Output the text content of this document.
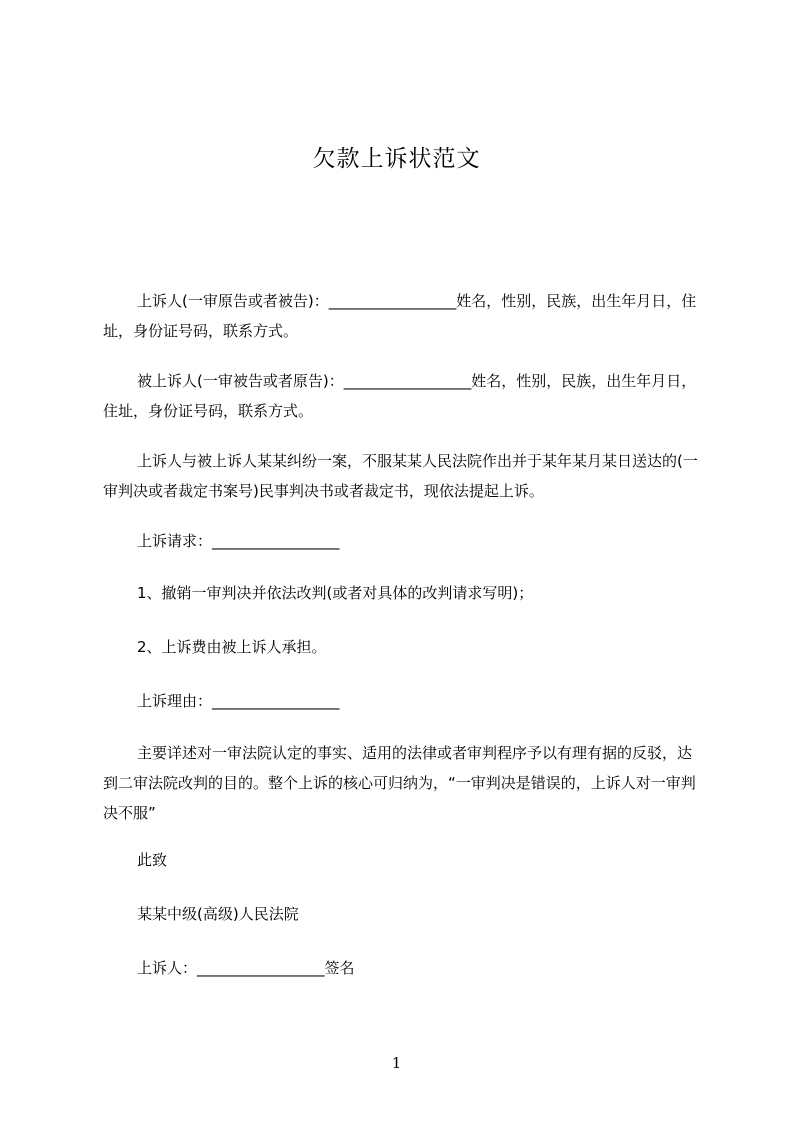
欠款上诉状范文

上诉人(一审原告或者被告)：_________________姓名，性别，民族，出生年月日，住址，身份证号码，联系方式。

被上诉人(一审被告或者原告)：_________________姓名，性别，民族，出生年月日，住址，身份证号码，联系方式。

上诉人与被上诉人某某纠纷一案，不服某某人民法院作出并于某年某月某日送达的(一审判决或者裁定书案号)民事判决书或者裁定书，现依法提起上诉。

上诉请求：_________________
1、撤销一审判决并依法改判(或者对具体的改判请求写明)；
2、上诉费由被上诉人承担。
上诉理由：_________________

主要详述对一审法院认定的事实、适用的法律或者审判程序予以有理有据的反驳，达到二审法院改判的目的。整个上诉的核心可归纳为，“一审判决是错误的，上诉人对一审判决不服”

此致
某某中级(高级)人民法院
上诉人：_________________签名
1
